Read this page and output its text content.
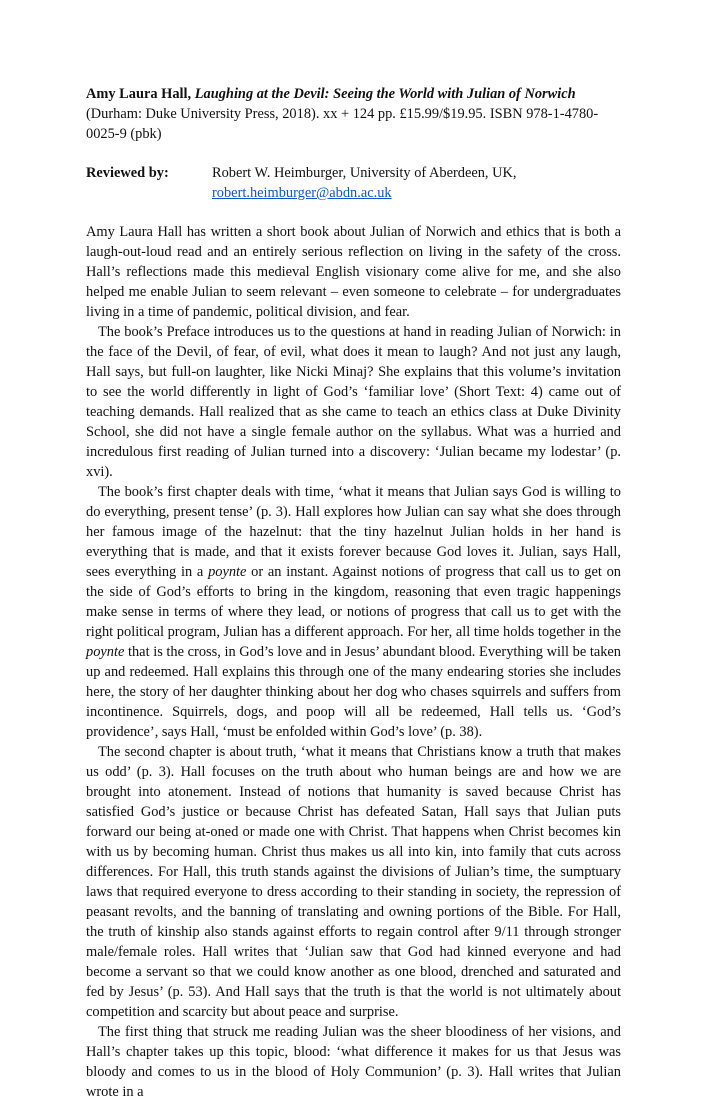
Amy Laura Hall, Laughing at the Devil: Seeing the World with Julian of Norwich

(Durham: Duke University Press, 2018). xx + 124 pp. £15.99/$19.95. ISBN 978-1-4780-

0025-9 (pbk)

Reviewed by:	Robert W. Heimburger, University of Aberdeen, UK,
robert.heimburger@abdn.ac.uk

Amy Laura Hall has written a short book about Julian of Norwich and ethics that is both a laugh-out-loud read and an entirely serious reflection on living in the safety of the cross. Hall’s reflections made this medieval English visionary come alive for me, and she also helped me enable Julian to seem relevant – even someone to celebrate – for undergraduates living in a time of pandemic, political division, and fear.

The book’s Preface introduces us to the questions at hand in reading Julian of Norwich: in the face of the Devil, of fear, of evil, what does it mean to laugh? And not just any laugh, Hall says, but full-on laughter, like Nicki Minaj? She explains that this volume’s invitation to see the world differently in light of God’s ‘familiar love’ (Short Text: 4) came out of teaching demands. Hall realized that as she came to teach an ethics class at Duke Divinity School, she did not have a single female author on the syllabus. What was a hurried and incredulous first reading of Julian turned into a discovery: ‘Julian became my lodestar’ (p. xvi).

The book’s first chapter deals with time, ‘what it means that Julian says God is willing to do everything, present tense’ (p. 3). Hall explores how Julian can say what she does through her famous image of the hazelnut: that the tiny hazelnut Julian holds in her hand is everything that is made, and that it exists forever because God loves it. Julian, says Hall, sees everything in a poynte or an instant. Against notions of progress that call us to get on the side of God’s efforts to bring in the kingdom, reasoning that even tragic happenings make sense in terms of where they lead, or notions of progress that call us to get with the right political program, Julian has a different approach. For her, all time holds together in the poynte that is the cross, in God’s love and in Jesus’ abundant blood. Everything will be taken up and redeemed. Hall explains this through one of the many endearing stories she includes here, the story of her daughter thinking about her dog who chases squirrels and suffers from incontinence. Squirrels, dogs, and poop will all be redeemed, Hall tells us. ‘God’s providence’, says Hall, ‘must be enfolded within God’s love’ (p. 38).

The second chapter is about truth, ‘what it means that Christians know a truth that makes us odd’ (p. 3). Hall focuses on the truth about who human beings are and how we are brought into atonement. Instead of notions that humanity is saved because Christ has satisfied God’s justice or because Christ has defeated Satan, Hall says that Julian puts forward our being at-oned or made one with Christ. That happens when Christ becomes kin with us by becoming human. Christ thus makes us all into kin, into family that cuts across differences. For Hall, this truth stands against the divisions of Julian’s time, the sumptuary laws that required everyone to dress according to their standing in society, the repression of peasant revolts, and the banning of translating and owning portions of the Bible. For Hall, the truth of kinship also stands against efforts to regain control after 9/11 through stronger male/female roles. Hall writes that ‘Julian saw that God had kinned everyone and had become a servant so that we could know another as one blood, drenched and saturated and fed by Jesus’ (p. 53). And Hall says that the truth is that the world is not ultimately about competition and scarcity but about peace and surprise.

The first thing that struck me reading Julian was the sheer bloodiness of her visions, and Hall’s chapter takes up this topic, blood: ‘what difference it makes for us that Jesus was bloody and comes to us in the blood of Holy Communion’ (p. 3). Hall writes that Julian wrote in a
